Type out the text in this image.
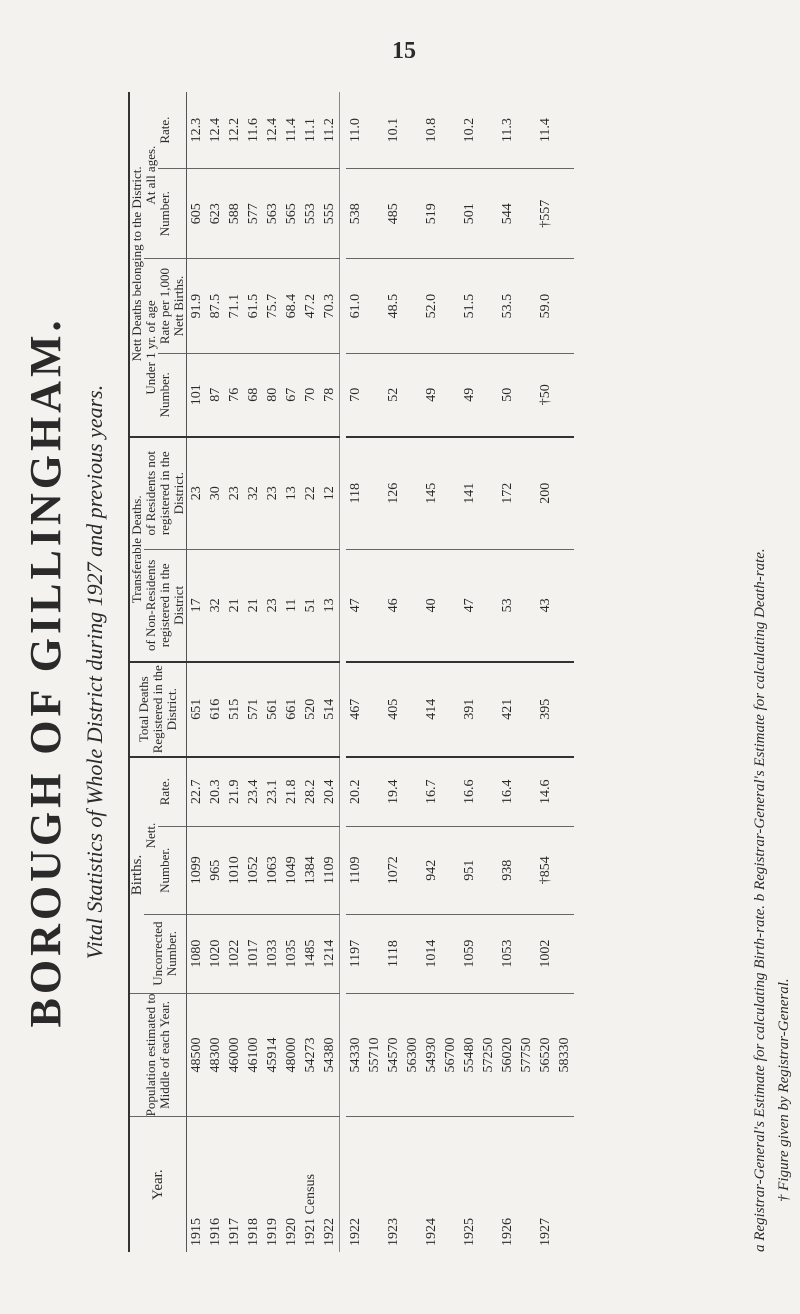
15
BOROUGH OF GILLINGHAM. Vital Statistics of Whole District during 1927 and previous years.
Year.	Population estimated to Middle of each Year.	Births.			Total Deaths Registered in the District.	Transferable Deaths.		Nett Deaths belonging to the District.			
		Uncorrected Number.	Nett.			of Non-Residents registered in the District	of Residents not registered in the District.	Under 1 yr. of age		At all ages.	
			Number.	Rate.				Number.	Rate per 1,000 Nett Births.	Number.	Rate.
1915	48500	1080	1099	22.7	651	17	23	101	91.9	605	12.3
1916	48300	1020	965	20.3	616	32	30	87	87.5	623	12.4
1917	46000	1022	1010	21.9	515	21	23	76	71.1	588	12.2
1918	46100	1017	1052	23.4	571	21	32	68	61.5	577	11.6
1919	45914	1033	1063	23.1	561	23	23	80	75.7	563	12.4
1920	48000	1035	1049	21.8	661	11	13	67	68.4	565	11.4
1921 Census	54273	1485	1384	28.2	520	51	22	70	47.2	553	11.1
1922	54380	1214	1109	20.4	514	13	12	78	70.3	555	11.2

1922	54330 55710	1197	1109	20.2	467	47	118	70	61.0	538	11.0
1923	54570 56300	1118	1072	19.4	405	46	126	52	48.5	485	10.1
1924	54930 56700	1014	942	16.7	414	40	145	49	52.0	519	10.8
1925	55480 57250	1059	951	16.6	391	47	141	49	51.5	501	10.2
1926	56020 57750	1053	938	16.4	421	53	172	50	53.5	544	11.3
1927	56520 58330	1002	†854	14.6	395	43	200	†50	59.0	†557	11.4
a Registrar-General's Estimate for calculating Birth-rate. b Registrar-General's Estimate for calculating Death-rate. † Figure given by Registrar-General.
